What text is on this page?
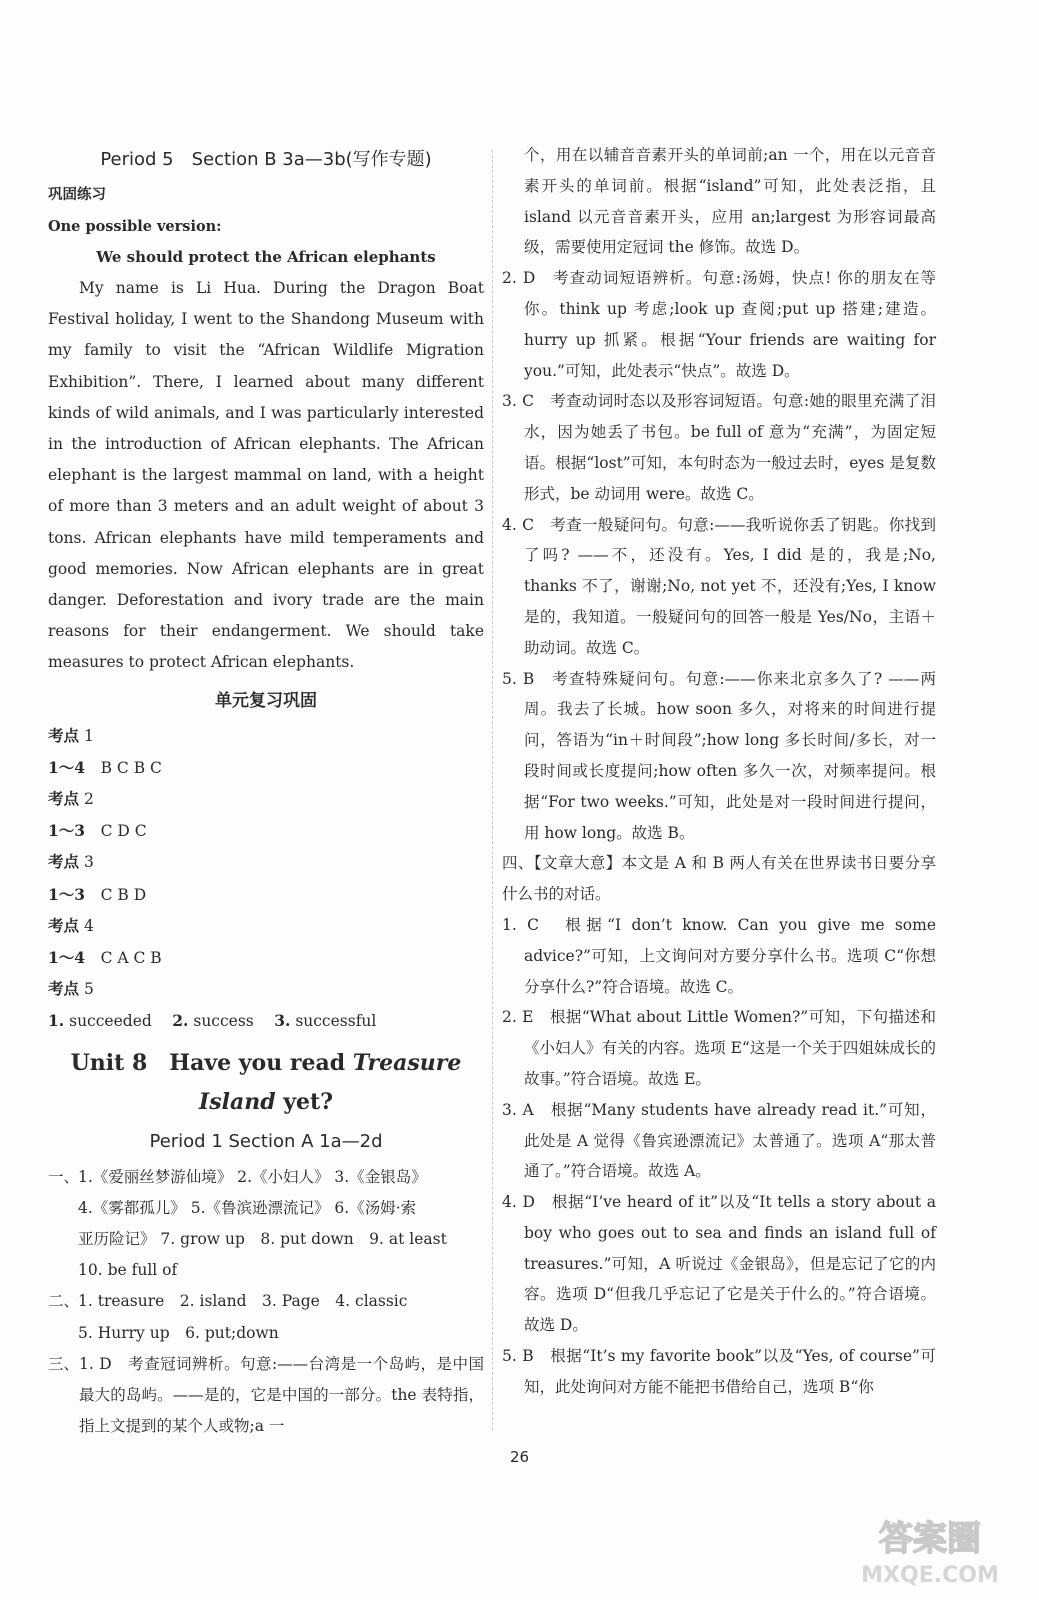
Period 5　Section B 3a—3b(写作专题)
巩固练习
One possible version:
We should protect the African elephants

My name is Li Hua. During the Dragon Boat Festival holiday, I went to the Shandong Museum with my family to visit the “African Wildlife Migration Exhibition”. There, I learned about many different kinds of wild animals, and I was particularly interested in the introduction of African elephants. The African elephant is the largest mammal on land, with a height of more than 3 meters and an adult weight of about 3 tons. African elephants have mild temperaments and good memories. Now African elephants are in great danger. Deforestation and ivory trade are the main reasons for their endangerment. We should take measures to protect African elephants.

单元复习巩固
考点 1
1～4　 B C B C
考点 2
1～3　 C D C
考点 3
1～3　 C B D
考点 4
1～4　 C A C B
考点 5
1. succeeded　 2. success　 3. successful
Unit 8　Have you read Treasure
Island yet?
Period 1 Section A 1a—2d
一、1.《爱丽丝梦游仙境》 2.《小妇人》 3.《金银岛》
4.《雾都孤儿》 5.《鲁滨逊漂流记》 6.《汤姆·索
亚历险记》 7. grow up　8. put down　9. at least
10. be full of
二、1. treasure　2. island　3. Page　4. classic
5. Hurry up　6. put;down
三、 1. D　考查冠词辨析。句意:——台湾是一个岛屿，是中国最大的岛屿。——是的，它是中国的一部分。the 表特指，指上文提到的某个人或物;a 一
个，用在以辅音音素开头的单词前;an 一个，用在以元音音素开头的单词前。根据“island”可知，此处表泛指，且 island 以元音音素开头，应用 an;largest 为形容词最高级，需要使用定冠词 the 修饰。故选 D。

2. D　考查动词短语辨析。句意:汤姆，快点! 你的朋友在等你。think up 考虑;look up 查阅;put up 搭建;建造。hurry up 抓紧。根据“Your friends are waiting for you.”可知，此处表示“快点”。故选 D。

3. C　考查动词时态以及形容词短语。句意:她的眼里充满了泪水，因为她丢了书包。be full of 意为“充满”，为固定短语。根据“lost”可知，本句时态为一般过去时，eyes 是复数形式，be 动词用 were。故选 C。

4. C　考查一般疑问句。句意:——我听说你丢了钥匙。你找到了吗? ——不，还没有。Yes, I did 是的，我是;No, thanks 不了，谢谢;No, not yet 不，还没有;Yes, I know 是的，我知道。一般疑问句的回答一般是 Yes/No，主语＋助动词。故选 C。

5. B　考查特殊疑问句。句意:——你来北京多久了? ——两周。我去了长城。how soon 多久，对将来的时间进行提问，答语为“in＋时间段”;how long 多长时间/多长，对一段时间或长度提问;how often 多久一次，对频率提问。根据“For two weeks.”可知，此处是对一段时间进行提问，用 how long。故选 B。

四、【文章大意】本文是 A 和 B 两人有关在世界读书日要分享什么书的对话。

1. C　根据“I don’t know. Can you give me some advice?”可知，上文询问对方要分享什么书。选项 C“你想分享什么?”符合语境。故选 C。

2. E　根据“What about Little Women?”可知，下句描述和《小妇人》有关的内容。选项 E“这是一个关于四姐妹成长的故事。”符合语境。故选 E。

3. A　根据“Many students have already read it.”可知，此处是 A 觉得《鲁宾逊漂流记》太普通了。选项 A“那太普通了。”符合语境。故选 A。

4. D　根据“I’ve heard of it”以及“It tells a story about a boy who goes out to sea and finds an island full of treasures.”可知，A 听说过《金银岛》，但是忘记了它的内容。选项 D“但我几乎忘记了它是关于什么的。”符合语境。故选 D。

5. B　根据“It’s my favorite book”以及“Yes, of course”可知，此处询问对方能不能把书借给自己，选项 B“你

26
答案圈
MXQE.COM
